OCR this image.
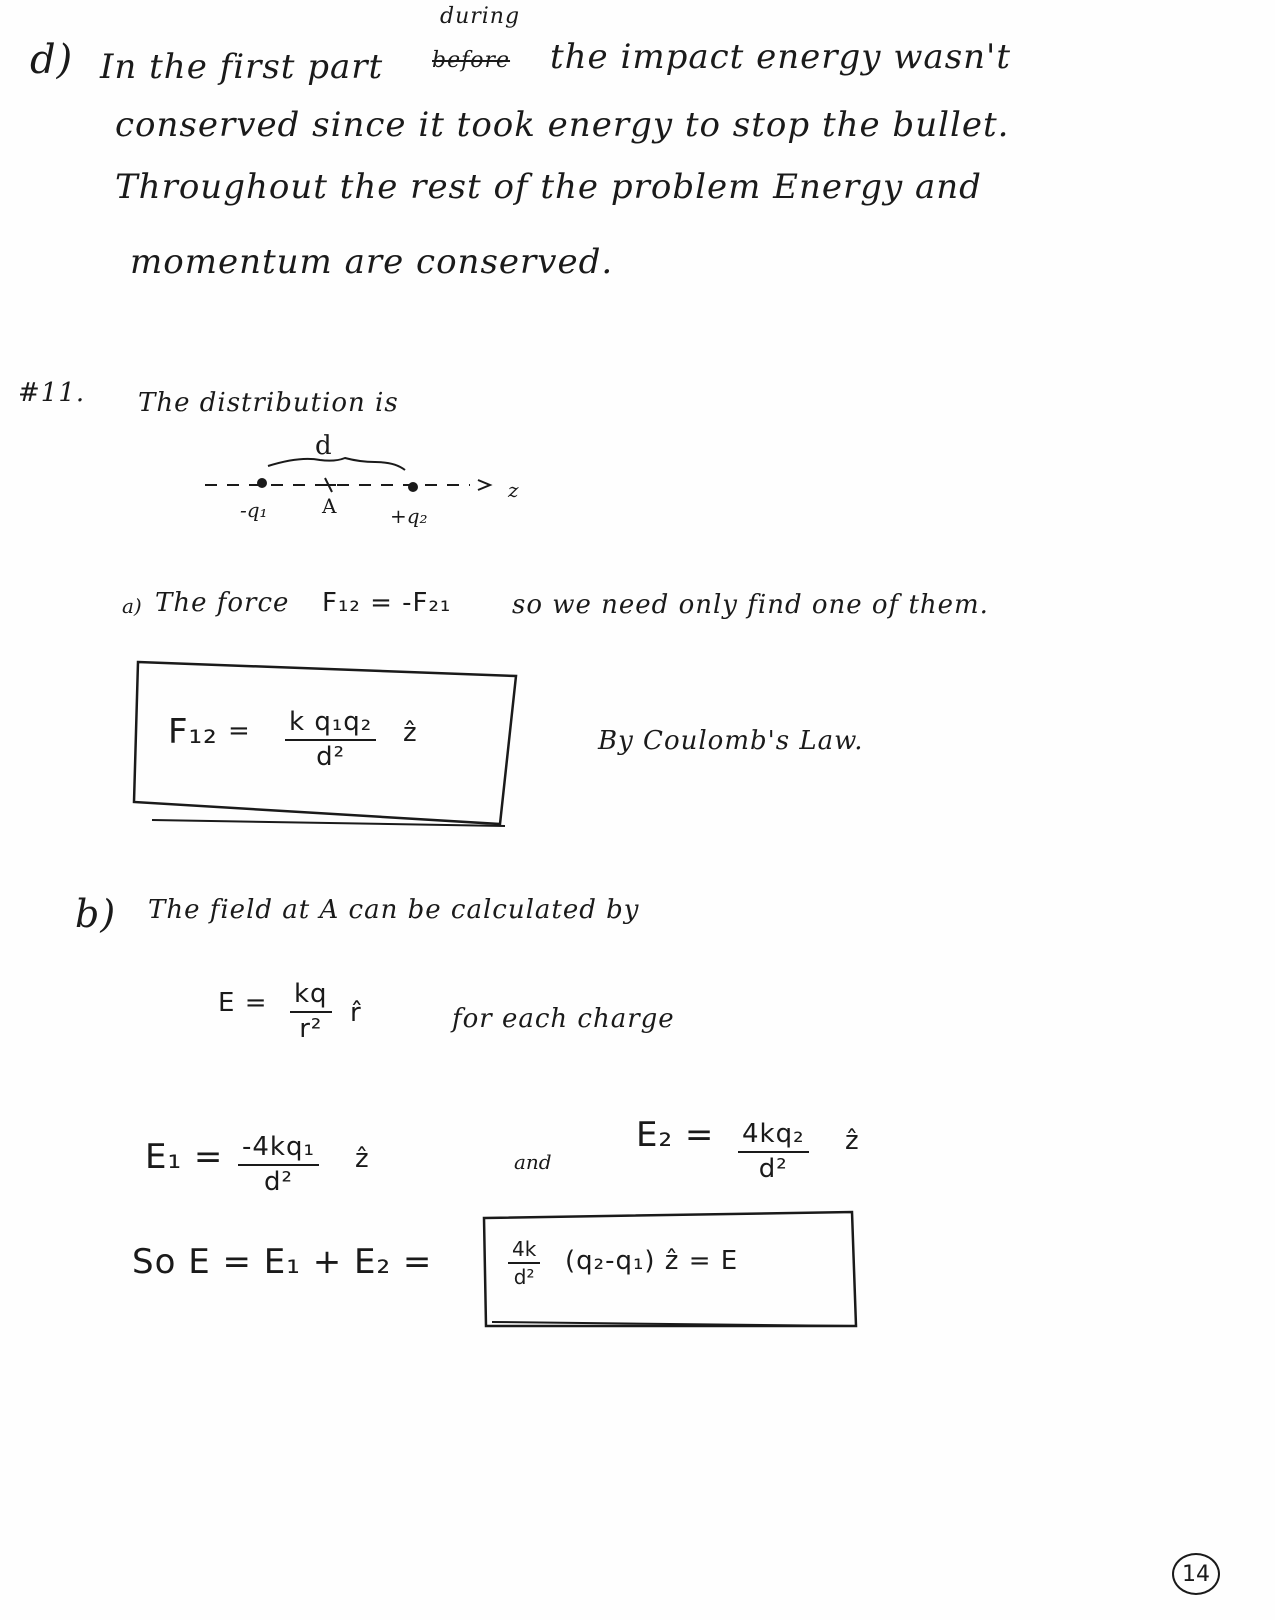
d)
during
In the first part before the impact energy wasn't
conserved since it took energy to stop the bullet.
Throughout the rest of the problem Energy and
momentum are conserved.
#11. The distribution is
d
-q₁	A	+q₂
z
a) The force F₁₂ = -F₂₁ so we need only find one of them.
$F_{12} = \frac{\text{k q₁q₂}}{\text{d²}}$ ẑ	By Coulomb's Law.
b) The field at A can be calculated by
$E = \frac{kq}{\text{r²}}$ r̂	for each charge
$E_1 = \frac{\text{-4kq₁}}{\text{d²}}$ ẑ	and
$E_2 = \frac{\text{4kq₂}}{\text{d²}}$ ẑ
So E = E₁ + E₂ =	$\frac{4k}{\text{d²}} (q_2-q_1)$ ẑ = E
14
